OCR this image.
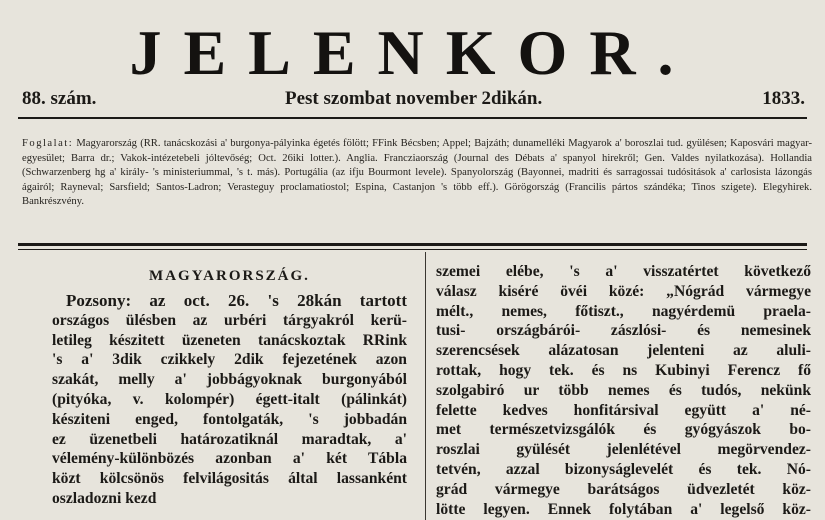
JELENKOR.
88. szám.	Pest szombat november 2dikán.	1833.
Foglalat: Magyarország (RR. tanácskozási a' burgonya-pályinka égetés fölött; FFink Bécsben; Appel; Bajzáth; dunamelléki Magyarok a' boroszlai tud. gyülésen; Kaposvári magyar-egyesület; Barra dr.; Vakok-intézetebeli jóltevőség; Oct. 26iki lotter.). Anglia. Francziaország (Journal des Débats a' spanyol hirekről; Gen. Valdes nyilatkozása). Hollandia (Schwarzenberg hg a' király- 's ministeriummal, 's t. más). Portugália (az ifju Bourmont levele). Spanyolország (Bayonnei, madriti és sarragossai tudósitások a' carlosista lázongás ágairól; Rayneval; Sarsfield; Santos-Ladron; Verasteguy proclamatiostol; Espina, Castanjon 's több eff.). Görögország (Francilis pártos szándéka; Tinos szigete). Elegyhirek. Bankrészvény.
MAGYARORSZÁG.
Pozsony: az oct. 26. 's 28kán tartott
országos ülésben az urbéri tárgyakról kerü-
letileg készitett üzeneten tanácskoztak RRink
's a' 3dik czikkely 2dik fejezetének azon
szakát, melly a' jobbágyoknak burgonyából
(pityóka, v. kolompér) égett-italt (pálinkát)
késziteni enged, fontolgaták, 's jobbadán
ez üzenetbeli határozatiknál maradtak, a'
vélemény-különbözés azonban a' két Tábla
közt kölcsönös felvilágositás által lassanként
oszladozni kezd
szemei elébe, 's a' visszatértet következő
válasz kiséré övéi közé: „Nógrád vármegye
mélt., nemes, főtiszt., nagyérdemü praela-
tusi- országbárói- zászlósi- és nemesinek
szerencsések alázatosan jelenteni az aluli-
rottak, hogy tek. és ns Kubinyi Ferencz fő
szolgabiró ur több nemes és tudós, nekünk
felette kedves honfitársival együtt a' né-
met természetvizsgálók és gyógyászok bo-
roszlai gyülését jelenlétével megörvendez-
tetvén, azzal bizonyságlevelét és tek. Nó-
grád vármegye barátságos üdvezletét köz-
lötte legyen. Ennek folytában a' legelső köz-
